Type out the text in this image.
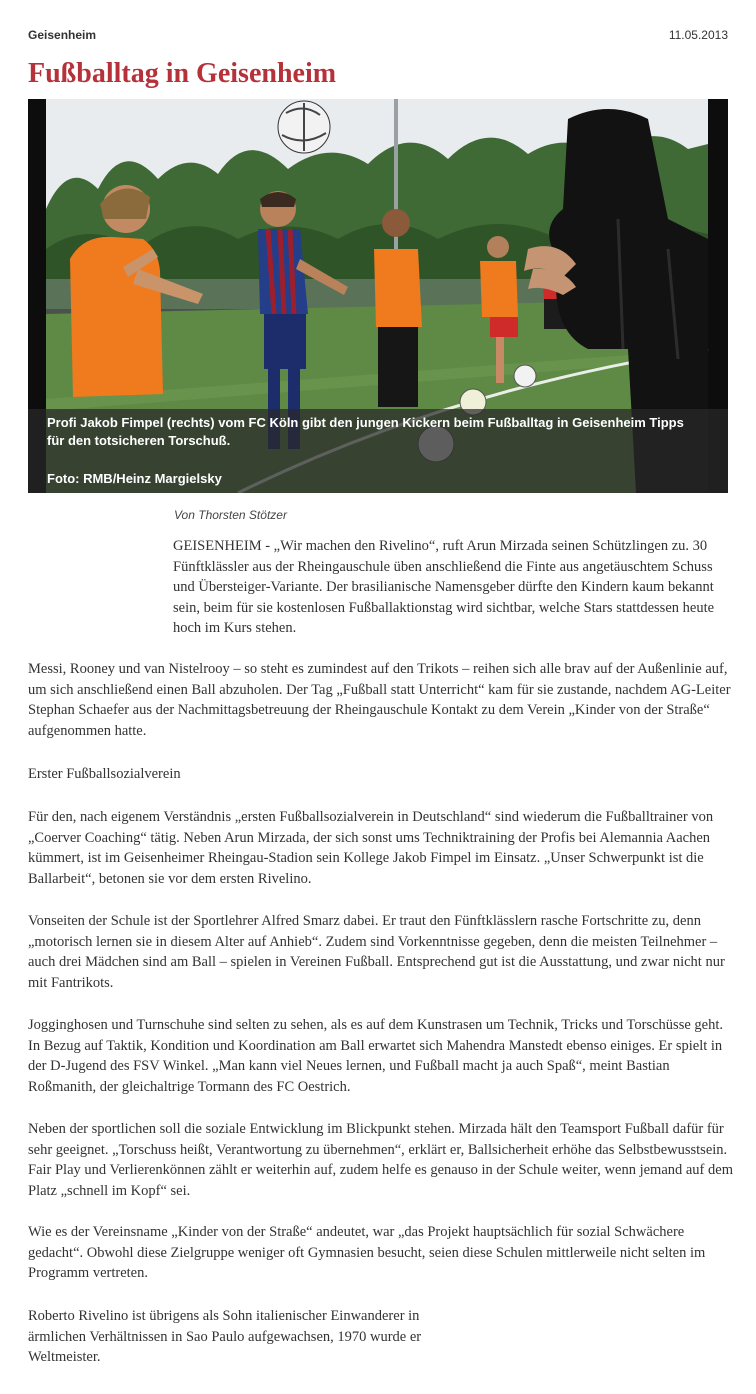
Geisenheim	11.05.2013
Fußballtag in Geisenheim
Profi Jakob Fimpel (rechts) vom FC Köln gibt den jungen Kickern beim Fußballtag in Geisenheim Tipps für den totsicheren Torschuß.
Foto: RMB/Heinz Margielsky
Von Thorsten Stötzer

GEISENHEIM - „Wir machen den Rivelino“, ruft Arun Mirzada seinen Schützlingen zu. 30 Fünftklässler aus der Rheingauschule üben anschließend die Finte aus angetäuschtem Schuss und Übersteiger-Variante. Der brasilianische Namensgeber dürfte den Kindern kaum bekannt sein, beim für sie kostenlosen Fußballaktionstag wird sichtbar, welche Stars stattdessen heute hoch im Kurs stehen.

Messi, Rooney und van Nistelrooy – so steht es zumindest auf den Trikots – reihen sich alle brav auf der Außenlinie auf, um sich anschließend einen Ball abzuholen. Der Tag „Fußball statt Unterricht“ kam für sie zustande, nachdem AG-Leiter Stephan Schaefer aus der Nachmittagsbetreuung der Rheingauschule Kontakt zu dem Verein „Kinder von der Straße“ aufgenommen hatte.

Erster Fußballsozialverein

Für den, nach eigenem Verständnis „ersten Fußballsozialverein in Deutschland“ sind wiederum die Fußballtrainer von „Coerver Coaching“ tätig. Neben Arun Mirzada, der sich sonst ums Techniktraining der Profis bei Alemannia Aachen kümmert, ist im Geisenheimer Rheingau-Stadion sein Kollege Jakob Fimpel im Einsatz. „Unser Schwerpunkt ist die Ballarbeit“, betonen sie vor dem ersten Rivelino.

Vonseiten der Schule ist der Sportlehrer Alfred Smarz dabei. Er traut den Fünftklässlern rasche Fortschritte zu, denn „motorisch lernen sie in diesem Alter auf Anhieb“. Zudem sind Vorkenntnisse gegeben, denn die meisten Teilnehmer – auch drei Mädchen sind am Ball – spielen in Vereinen Fußball. Entsprechend gut ist die Ausstattung, und zwar nicht nur mit Fantrikots.

Jogginghosen und Turnschuhe sind selten zu sehen, als es auf dem Kunstrasen um Technik, Tricks und Torschüsse geht. In Bezug auf Taktik, Kondition und Koordination am Ball erwartet sich Mahendra Manstedt ebenso einiges. Er spielt in der D-Jugend des FSV Winkel. „Man kann viel Neues lernen, und Fußball macht ja auch Spaß“, meint Bastian Roßmanith, der gleichaltrige Tormann des FC Oestrich.

Neben der sportlichen soll die soziale Entwicklung im Blickpunkt stehen. Mirzada hält den Teamsport Fußball dafür für sehr geeignet. „Torschuss heißt, Verantwortung zu übernehmen“, erklärt er, Ballsicherheit erhöhe das Selbstbewusstsein. Fair Play und Verlierenkönnen zählt er weiterhin auf, zudem helfe es genauso in der Schule weiter, wenn jemand auf dem Platz „schnell im Kopf“ sei.

Wie es der Vereinsname „Kinder von der Straße“ andeutet, war „das Projekt hauptsächlich für sozial Schwächere gedacht“. Obwohl diese Zielgruppe weniger oft Gymnasien besucht, seien diese Schulen mittlerweile nicht selten im Programm vertreten.

Roberto Rivelino ist übrigens als Sohn italienischer Einwanderer in ärmlichen Verhältnissen in Sao Paulo aufgewachsen, 1970 wurde er Weltmeister.
